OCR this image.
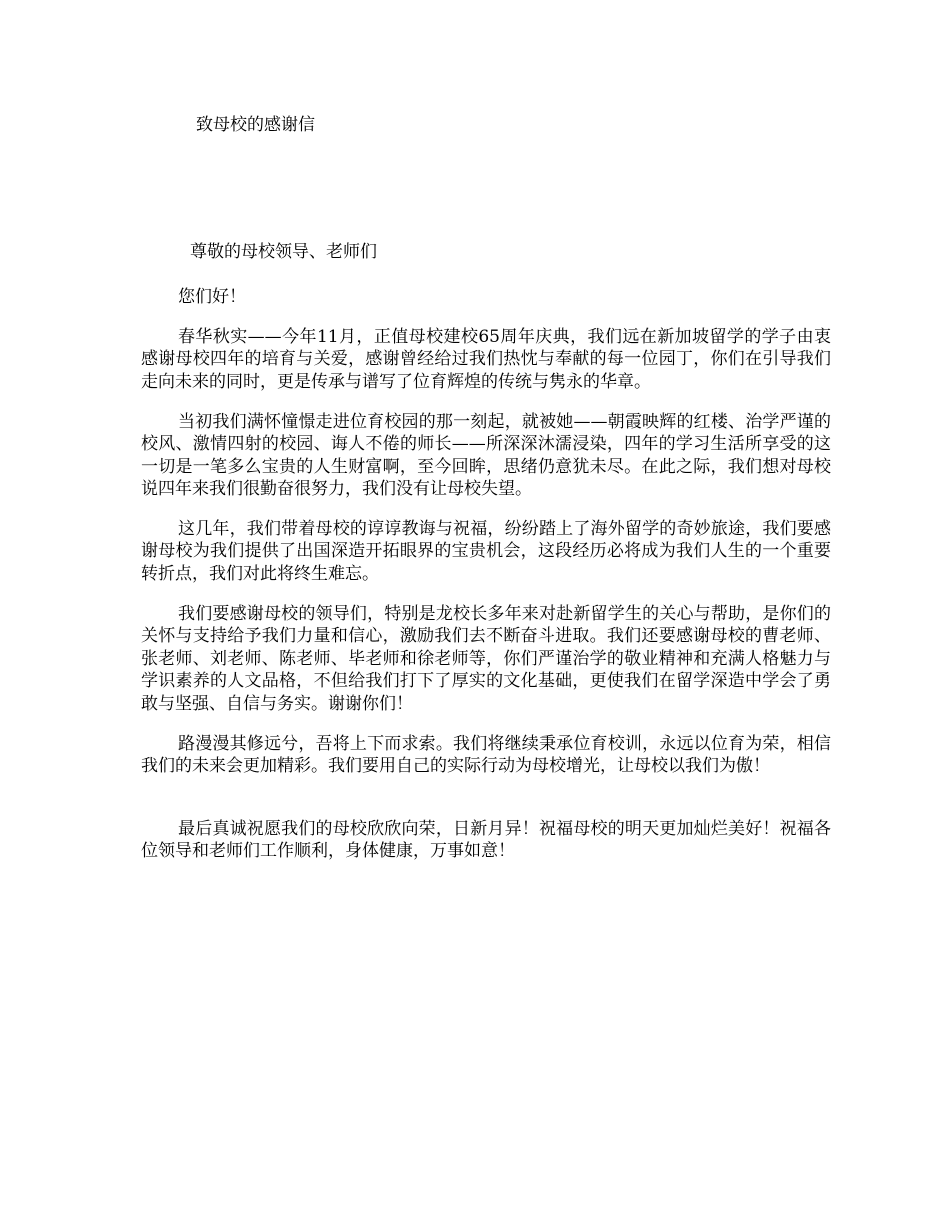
致母校的感谢信
尊敬的母校领导、老师们
您们好！

春华秋实——今年11月，正值母校建校65周年庆典，我们远在新加坡留学的学子由衷感谢母校四年的培育与关爱，感谢曾经给过我们热忱与奉献的每一位园丁，你们在引导我们走向未来的同时，更是传承与谱写了位育辉煌的传统与隽永的华章。

当初我们满怀憧憬走进位育校园的那一刻起，就被她——朝霞映辉的红楼、治学严谨的校风、激情四射的校园、诲人不倦的师长——所深深沐濡浸染，四年的学习生活所享受的这一切是一笔多么宝贵的人生财富啊，至今回眸，思绪仍意犹未尽。在此之际，我们想对母校说四年来我们很勤奋很努力，我们没有让母校失望。

这几年，我们带着母校的谆谆教诲与祝福，纷纷踏上了海外留学的奇妙旅途，我们要感谢母校为我们提供了出国深造开拓眼界的宝贵机会，这段经历必将成为我们人生的一个重要转折点，我们对此将终生难忘。

我们要感谢母校的领导们，特别是龙校长多年来对赴新留学生的关心与帮助，是你们的关怀与支持给予我们力量和信心，激励我们去不断奋斗进取。我们还要感谢母校的曹老师、张老师、刘老师、陈老师、毕老师和徐老师等，你们严谨治学的敬业精神和充满人格魅力与学识素养的人文品格，不但给我们打下了厚实的文化基础，更使我们在留学深造中学会了勇敢与坚强、自信与务实。谢谢你们！

路漫漫其修远兮，吾将上下而求索。我们将继续秉承位育校训，永远以位育为荣，相信我们的未来会更加精彩。我们要用自己的实际行动为母校增光，让母校以我们为傲！

最后真诚祝愿我们的母校欣欣向荣，日新月异！祝福母校的明天更加灿烂美好！祝福各位领导和老师们工作顺利，身体健康，万事如意！
